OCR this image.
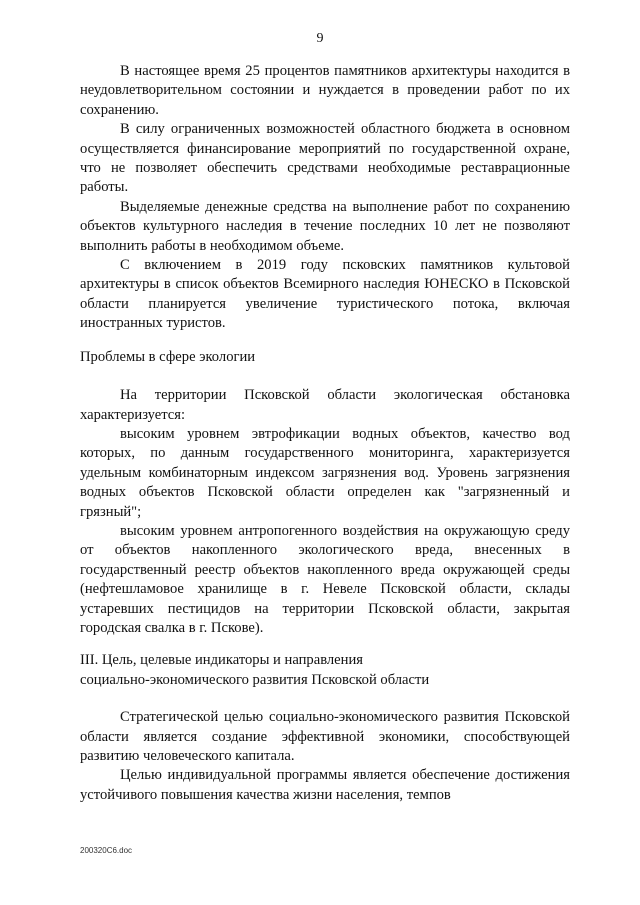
9

В настоящее время 25 процентов памятников архитектуры находится в неудовлетворительном состоянии и нуждается в проведении работ по их сохранению.

В силу ограниченных возможностей областного бюджета в основном осуществляется финансирование мероприятий по государственной охране, что не позволяет обеспечить средствами необходимые реставрационные работы.

Выделяемые денежные средства на выполнение работ по сохранению объектов культурного наследия в течение последних 10 лет не позволяют выполнить работы в необходимом объеме.

С включением в 2019 году псковских памятников культовой архитектуры в список объектов Всемирного наследия ЮНЕСКО в Псковской области планируется увеличение туристического потока, включая иностранных туристов.

Проблемы в сфере экологии

На территории Псковской области экологическая обстановка характеризуется:

высоким уровнем эвтрофикации водных объектов, качество вод которых, по данным государственного мониторинга, характеризуется удельным комбинаторным индексом загрязнения вод. Уровень загрязнения водных объектов Псковской области определен как "загрязненный и грязный";

высоким уровнем антропогенного воздействия на окружающую среду от объектов накопленного экологического вреда, внесенных в государственный реестр объектов накопленного вреда окружающей среды (нефтешламовое хранилище в г. Невеле Псковской области, склады устаревших пестицидов на территории Псковской области, закрытая городская свалка в г. Пскове).

III. Цель, целевые индикаторы и направления
социально-экономического развития Псковской области

Стратегической целью социально-экономического развития Псковской области является создание эффективной экономики, способствующей развитию человеческого капитала.

Целью индивидуальной программы является обеспечение достижения устойчивого повышения качества жизни населения, темпов

200320С6.doc
